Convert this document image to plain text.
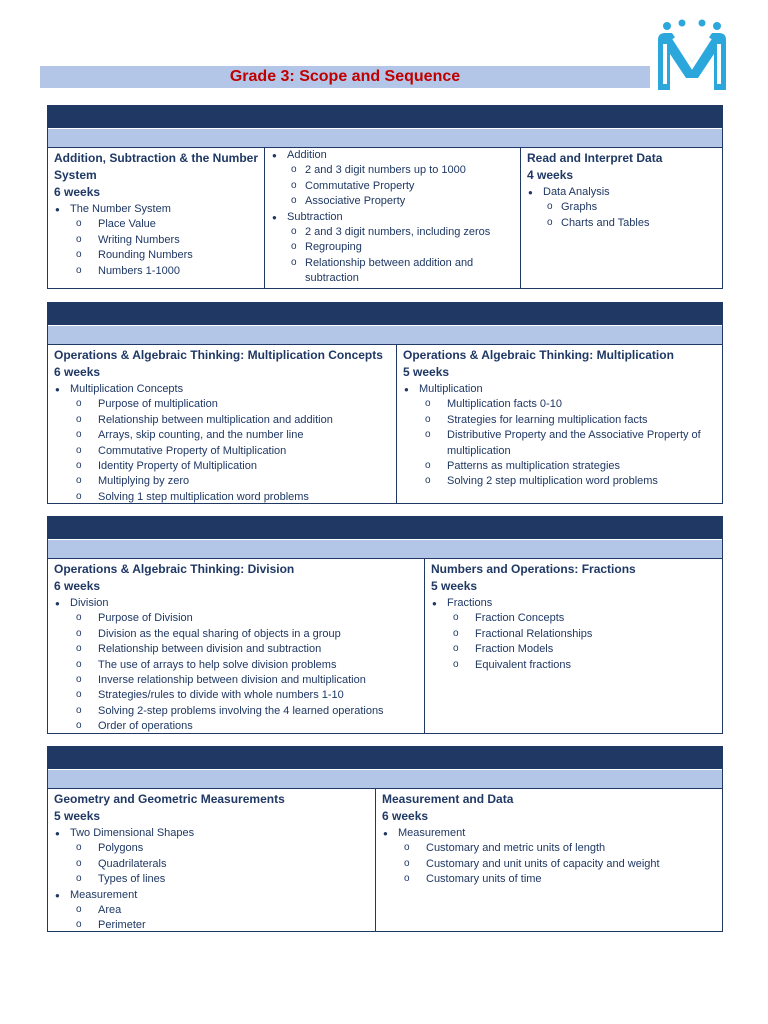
Grade 3: Scope and Sequence
Addition, Subtraction & the Number System
6 weeks
● The Number System
o Place Value
o Writing Numbers
o Rounding Numbers
o Numbers 1-1000
● Addition
o 2 and 3 digit numbers up to 1000
o Commutative Property
o Associative Property
● Subtraction
o 2 and 3 digit numbers, including zeros
o Regrouping
o Relationship between addition and subtraction
Read and Interpret Data
4 weeks
● Data Analysis
o Graphs
o Charts and Tables
Operations & Algebraic Thinking: Multiplication Concepts
6 weeks
● Multiplication Concepts
o Purpose of multiplication
o Relationship between multiplication and addition
o Arrays, skip counting, and the number line
o Commutative Property of Multiplication
o Identity Property of Multiplication
o Multiplying by zero
o Solving 1 step multiplication word problems
Operations & Algebraic Thinking: Multiplication
5 weeks
● Multiplication
o Multiplication facts 0-10
o Strategies for learning multiplication facts
o Distributive Property and the Associative Property of multiplication
o Patterns as multiplication strategies
o Solving 2 step multiplication word problems
Operations & Algebraic Thinking: Division
6 weeks
● Division
o Purpose of Division
o Division as the equal sharing of objects in a group
o Relationship between division and subtraction
o The use of arrays to help solve division problems
o Inverse relationship between division and multiplication
o Strategies/rules to divide with whole numbers 1-10
o Solving 2-step problems involving the 4 learned operations
o Order of operations
Numbers and Operations: Fractions
5 weeks
● Fractions
o Fraction Concepts
o Fractional Relationships
o Fraction Models
o Equivalent fractions
Geometry and Geometric Measurements
5 weeks
● Two Dimensional Shapes
o Polygons
o Quadrilaterals
o Types of lines
● Measurement
o Area
o Perimeter
Measurement and Data
6 weeks
● Measurement
o Customary and metric units of length
o Customary and unit units of capacity and weight
o Customary units of time
